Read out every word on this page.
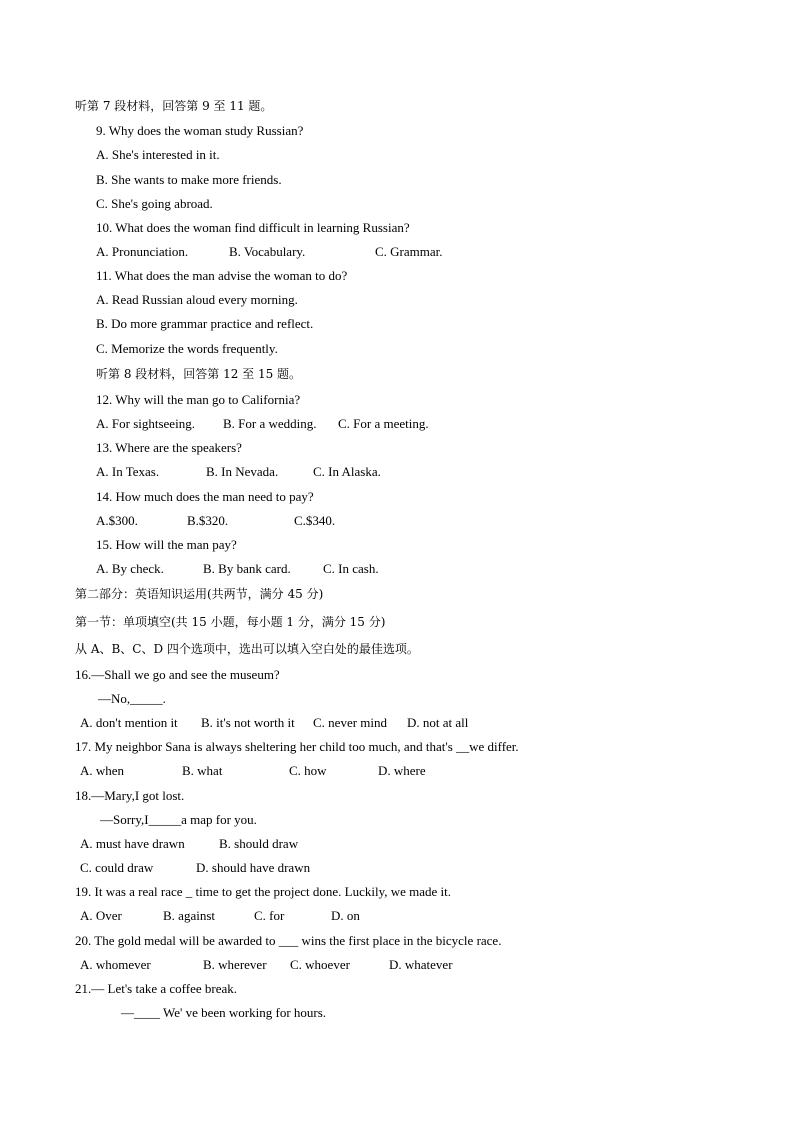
听第 7 段材料，回答第 9 至 11 题。
9. Why does the woman study Russian?
A. She's interested in it.
B. She wants to make more friends.
C. She's going abroad.
10. What does the woman find difficult in learning Russian?
A. Pronunciation.	B. Vocabulary.	C. Grammar.
11. What does the man advise the woman to do?
A. Read Russian aloud every morning.
B. Do more grammar practice and reflect.
C. Memorize the words frequently.
听第 8 段材料，回答第 12 至 15 题。
12. Why will the man go to California?
A. For sightseeing. B. For a wedding. C. For a meeting.
13. Where are the speakers?
A. In Texas.	B. In Nevada.	C. In Alaska.
14. How much does the man need to pay?
A.$300.	B.$320.	C.$340.
15. How will the man pay?
A. By check.	B. By bank card. C. In cash.
第二部分：英语知识运用(共两节，满分 45 分)
第一节：单项填空(共 15 小题，每小题 1 分，满分 15 分)
从 A、B、C、D 四个选项中，选出可以填入空白处的最佳选项。
16.—Shall we go and see the museum?
—No,_____.
A. don't mention it B. it's not worth it C. never mind D. not at all
17. My neighbor Sana is always sheltering her child too much, and that's __we differ.
A. when	B. what	C. how	D. where
18.—Mary,I got lost.
—Sorry,I_____a map for you.
A. must have drawn	B. should draw
C. could draw	D. should have drawn
19. It was a real race _ time to get the project done. Luckily, we made it.
A. Over	B. against	C. for	D. on
20. The gold medal will be awarded to ___ wins the first place in the bicycle race.
A. whomever	B. wherever C. whoever	D. whatever
21.— Let's take a coffee break.
—____ We' ve been working for hours.
